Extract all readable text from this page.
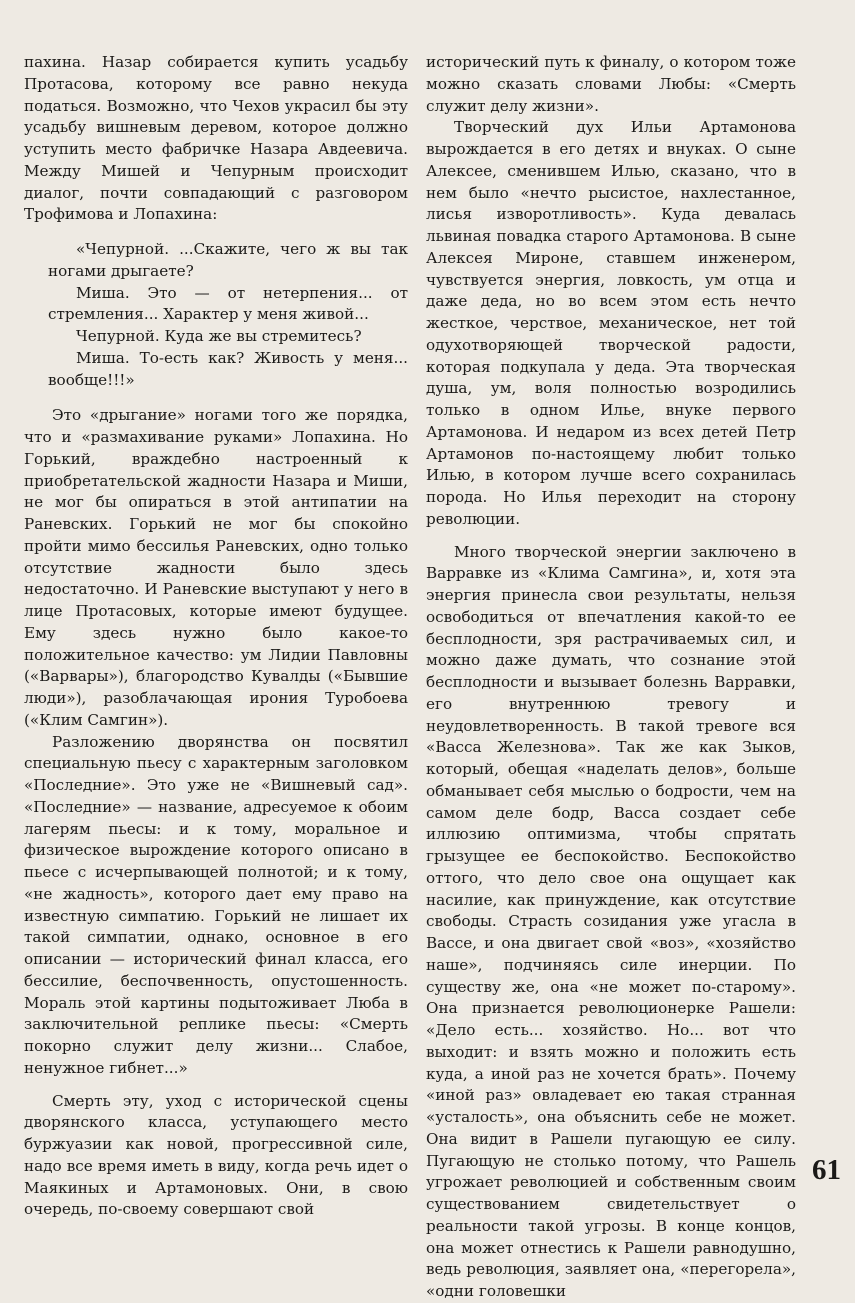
пахина. Назар собирается купить усадьбу Протасова, которому все равно некуда податься. Возможно, что Чехов украсил бы эту усадьбу вишневым деревом, которое должно уступить место фабричке Назара Авдеевича. Между Мишей и Чепурным происходит диалог, почти совпадающий с разговором Трофимова и Лопахина:

«Чепурной. ...Скажите, чего ж вы так ногами дрыгаете?

Миша. Это — от нетерпения... от стремления... Характер у меня живой...

Чепурной. Куда же вы стремитесь?

Миша. То-есть как? Живость у меня... вообще!!!»

Это «дрыгание» ногами того же порядка, что и «размахивание руками» Лопахина. Но Горький, враждебно настроенный к приобретательской жадности Назара и Миши, не мог бы опираться в этой антипатии на Раневских. Горький не мог бы спокойно пройти мимо бессилья Раневских, одно только отсутствие жадности было здесь недостаточно. И Раневские выступают у него в лице Протасовых, которые имеют будущее. Ему здесь нужно было какое-то положительное качество: ум Лидии Павловны («Варвары»), благородство Кувалды («Бывшие люди»), разоблачающая ирония Туробоева («Клим Самгин»).

Разложению дворянства он посвятил специальную пьесу с характерным заголовком «Последние». Это уже не «Вишневый сад». «Последние» — название, адресуемое к обоим лагерям пьесы: и к тому, моральное и физическое вырождение которого описано в пьесе с исчерпывающей полнотой; и к тому, «не жадность», которого дает ему право на известную симпатию. Горький не лишает их такой симпатии, однако, основное в его описании — исторический финал класса, его бессилие, беспочвенность, опустошенность. Мораль этой картины подытоживает Люба в заключительной реплике пьесы: «Смерть покорно служит делу жизни... Слабое, ненужное гибнет...»

Смерть эту, уход с исторической сцены дворянского класса, уступающего место буржуазии как новой, прогрессивной силе, надо все время иметь в виду, когда речь идет о Маякиных и Артамоновых. Они, в свою очередь, по-своему совершают свой

исторический путь к финалу, о котором тоже можно сказать словами Любы: «Смерть служит делу жизни».

Творческий дух Ильи Артамонова вырождается в его детях и внуках. О сыне Алексее, сменившем Илью, сказано, что в нем было «нечто рысистое, нахлестанное, лисья изворотливость». Куда девалась львиная повадка старого Артамонова. В сыне Алексея Мироне, ставшем инженером, чувствуется энергия, ловкость, ум отца и даже деда, но во всем этом есть нечто жесткое, черствое, механическое, нет той одухотворяющей творческой радости, которая подкупала у деда. Эта творческая душа, ум, воля полностью возродились только в одном Илье, внуке первого Артамонова. И недаром из всех детей Петр Артамонов по-настоящему любит только Илью, в котором лучше всего сохранилась порода. Но Илья переходит на сторону революции.

Много творческой энергии заключено в Варравке из «Клима Самгина», и, хотя эта энергия принесла свои результаты, нельзя освободиться от впечатления какой-то ее бесплодности, зря растрачиваемых сил, и можно даже думать, что сознание этой бесплодности и вызывает болезнь Варравки, его внутреннюю тревогу и неудовлетворенность. В такой тревоге вся «Васса Железнова». Так же как Зыков, который, обещая «наделать делов», больше обманывает себя мыслью о бодрости, чем на самом деле бодр, Васса создает себе иллюзию оптимизма, чтобы спрятать грызущее ее беспокойство. Беспокойство оттого, что дело свое она ощущает как насилие, как принуждение, как отсутствие свободы. Страсть созидания уже угасла в Вассе, и она двигает свой «воз», «хозяйство наше», подчиняясь силе инерции. По существу же, она «не может по-старому». Она признается революционерке Рашели: «Дело есть... хозяйство. Но... вот что выходит: и взять можно и положить есть куда, а иной раз не хочется брать». Почему «иной раз» овладевает ею такая странная «усталость», она объяснить себе не может. Она видит в Рашели пугающую ее силу. Пугающую не столько потому, что Рашель угрожает революцией и собственным своим существованием свидетельствует о реальности такой угрозы. В конце концов, она может отнестись к Рашели равнодушно, ведь революция, заявляет она, «перегорела», «одни головешки

61
